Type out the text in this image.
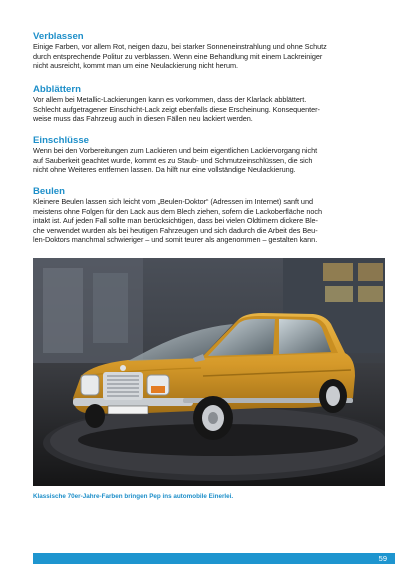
Verblassen

Einige Farben, vor allem Rot, neigen dazu, bei starker Sonneneinstrahlung und ohne Schutz
durch entsprechende Politur zu verblassen. Wenn eine Behandlung mit einem Lackreiniger
nicht ausreicht, kommt man um eine Neulackierung nicht herum.

Abblättern

Vor allem bei Metallic-Lackierungen kann es vorkommen, dass der Klarlack abblättert.
Schlecht aufgetragener Einschicht-Lack zeigt ebenfalls diese Erscheinung. Konsequenter-
weise muss das Fahrzeug auch in diesen Fällen neu lackiert werden.

Einschlüsse

Wenn bei den Vorbereitungen zum Lackieren und beim eigentlichen Lackiervorgang nicht
auf Sauberkeit geachtet wurde, kommt es zu Staub- und Schmutzeinschlüssen, die sich
nicht ohne Weiteres entfernen lassen. Da hilft nur eine vollständige Neulackierung.

Beulen

Kleinere Beulen lassen sich leicht vom „Beulen-Doktor“ (Adressen im Internet) sanft und
meistens ohne Folgen für den Lack aus dem Blech ziehen, sofern die Lackoberfläche noch
intakt ist. Auf jeden Fall sollte man berücksichtigen, dass bei vielen Oldtimern dickere Ble-
che verwendet wurden als bei heutigen Fahrzeugen und sich dadurch die Arbeit des Beu-
len-Doktors manchmal schwieriger – und somit teurer als angenommen – gestalten kann.

Klassische 70er-Jahre-Farben bringen Pep ins automobile Einerlei.
59
